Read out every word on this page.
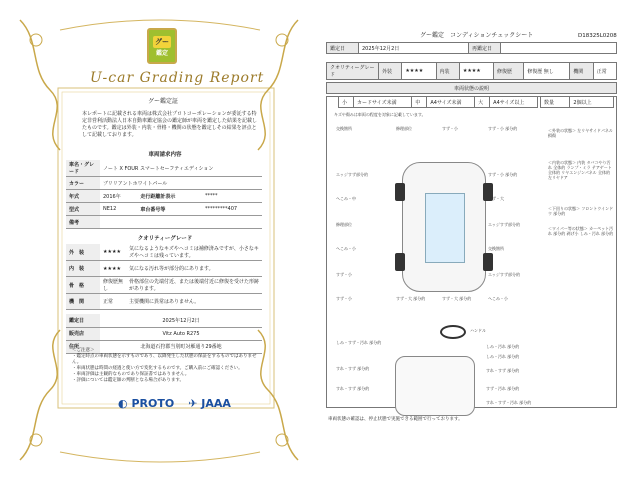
グー
鑑定
U-car Grading Report
グー鑑定証
本レポートに記載される車両は株式会社プロトコーポレーションが委託する特定非営利活動法人日本自動車鑑定協会の鑑定師が車両を鑑定した結果を記載したものです。鑑定は外装・内装・骨格・機関の状態を鑑定しその結果を評点として記載しております。
車両請求内容
車名・グレード	ノート X FOUR スマートセーフティエディション		
カラー	ブリリアントホワイトパール		
年式	2016年	走行距離計表示	*****
型式	NE12	車台番号等	*********407
備考			
クオリティーグレード
外　装	★★★★	気になるようなキズやヘコミは補修済みですが、小さなキズやヘコミは残っています。
内　装	★★★★	気になる汚れ等が部分的にあります。
骨　格	修復歴無し	骨格部位の先端付近、または後端付近に修復を受けた形跡があります。
機　関	正常	主要機関に異常はありません。
鑑定日	2025年12月2日
販売店	Vitz Auto R275
住所	北海道石狩郡当別町対雁通り29番地
＜ご注意＞
・鑑定時点の車両状態を示すものであり、以降発生した状態の保証をするものではありません。
・車両状態は時間の経過と使い方で変化するものです。ご購入前にご確認ください。
・車両評価は主観的なものであり保証書ではありません。
・評価については鑑定師の判断となる場合があります。
◐ PROTO ✈ JAAA
グー鑑定　コンディションチェックシート	D18325L0208
鑑定日	2025年12月2日	再鑑定日	
クオリティーグレード	外装	★★★★	内装	★★★★	修復歴	修復歴 無し	機関	正常
車両状態の説明
小	カードサイズ未満	中	A4サイズ未満	大	A4サイズ以上	数量	2個以上
キズや傷みは車両の程度を対象に記載しています。
交換箇所	修理部位	すず・小	すず・小 部分的
エッジすず部分的	すず・小 部分的
へこみ・中	すず・大
修理部位	エッジすず部分的
へこみ・小	交換箇所
すず・小	エッジすず部分的
すず・大 部分的	すず・大 部分的
すず・小	へこみ・小
＜外装の状態＞ 左リヤサイドパネル 損傷
＜内装の状態＞ 内装 タバコやり汚れ 全体的 ランプ・ミラ テアゲート 全体的 リヤエンジンパネル 全体的 左リヤドア
＜下回りの状態＞ フロントウインドウ 部分的
＜ワイパー等の状態＞ カーペット汚れ 部分的 剥げ小 しみ・汚れ 部分的
ハンドル
しみ・すず・汚れ 部分的
しみ・汚れ 部分的
しみ・汚れ 部分的
すれ・すず 部分的	すれ・すず 部分的
すれ・すず 部分的	すず・汚れ 部分的
すれ・すず・汚れ 部分的
車両状態の確認は、停止状態で実施できる範囲で行っております。
